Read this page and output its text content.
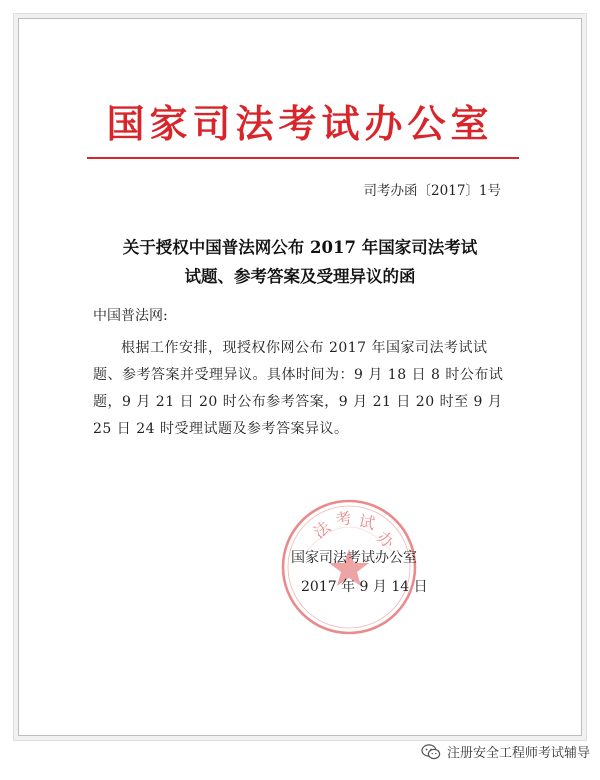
国家司法考试办公室
司考办函〔2017〕1号
关于授权中国普法网公布 2017 年国家司法考试
试题、参考答案及受理异议的函
中国普法网:

根据工作安排，现授权你网公布 2017 年国家司法考试试题、参考答案并受理异议。具体时间为：9 月 18 日 8 时公布试题，9 月 21 日 20 时公布参考答案，9 月 21 日 20 时至 9 月 25 日 24 时受理试题及参考答案异议。

法 考 试
办
国家司法考试办公室
2017 年 9 月 14 日
注册安全工程师考试辅导
